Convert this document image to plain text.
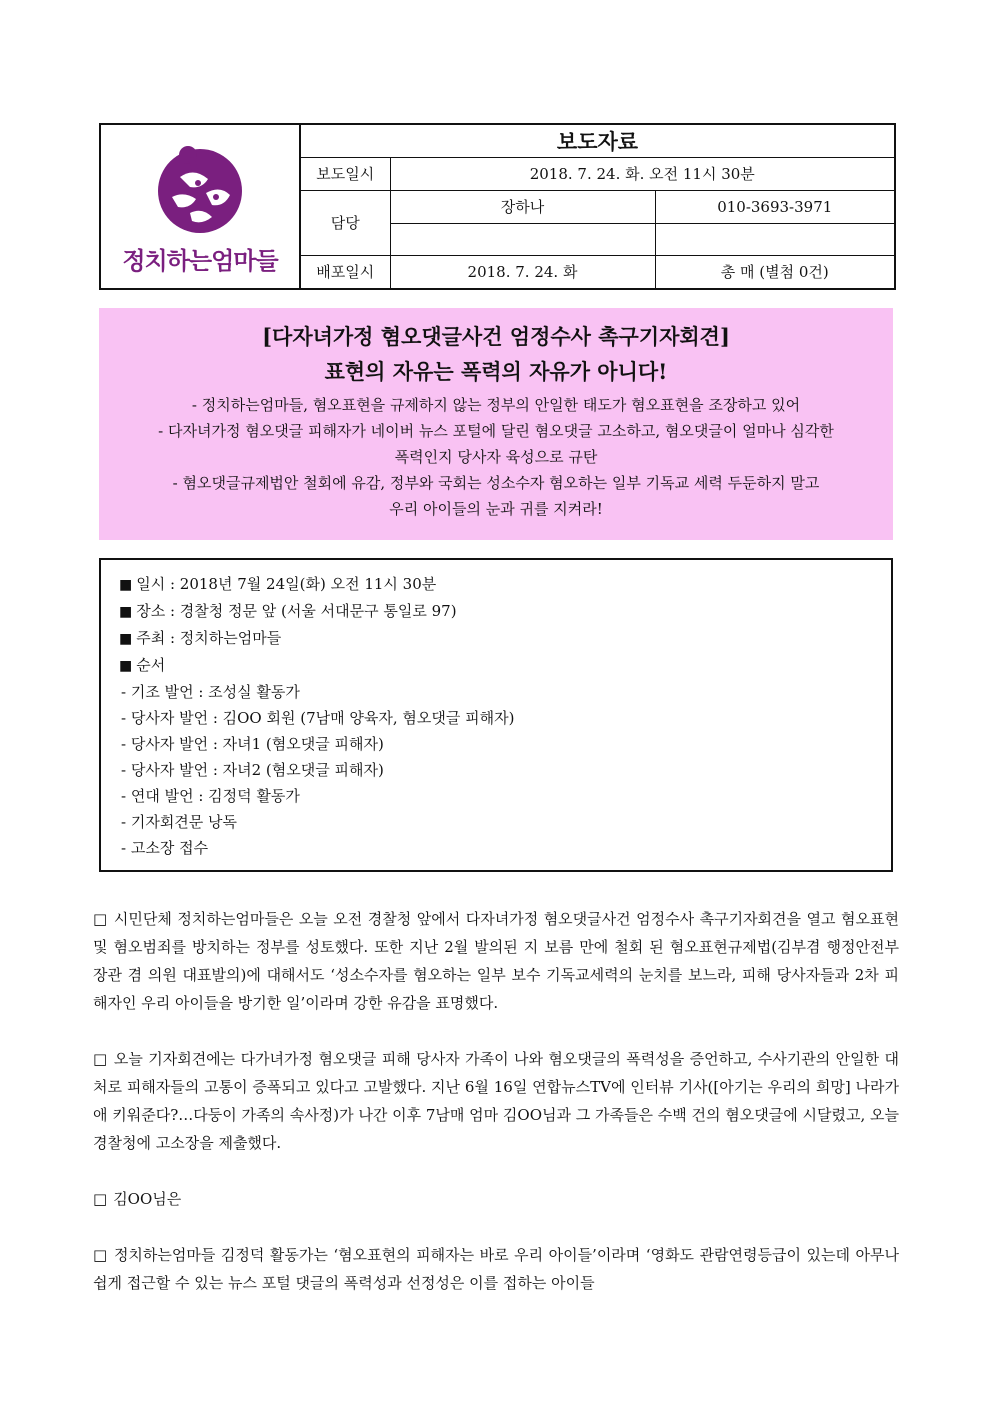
정치하는엄마들	보도자료		
	보도일시	2018. 7. 24. 화. 오전 11시 30분	
	담당	장하나	010-3693-3971

	배포일시	2018. 7. 24. 화	총 매 (별첨 0건)
[다자녀가정 혐오댓글사건 엄정수사 촉구기자회견]
표현의 자유는 폭력의 자유가 아니다!
- 정치하는엄마들, 혐오표현을 규제하지 않는 정부의 안일한 태도가 혐오표현을 조장하고 있어
- 다자녀가정 혐오댓글 피해자가 네이버 뉴스 포털에 달린 혐오댓글 고소하고, 혐오댓글이 얼마나 심각한
폭력인지 당사자 육성으로 규탄
- 혐오댓글규제법안 철회에 유감, 정부와 국회는 성소수자 혐오하는 일부 기독교 세력 두둔하지 말고
우리 아이들의 눈과 귀를 지켜라!
■ 일시 : 2018년 7월 24일(화) 오전 11시 30분
■ 장소 : 경찰청 정문 앞 (서울 서대문구 통일로 97)
■ 주최 : 정치하는엄마들
■ 순서
- 기조 발언 : 조성실 활동가
- 당사자 발언 : 김OO 회원 (7남매 양육자, 혐오댓글 피해자)
- 당사자 발언 : 자녀1 (혐오댓글 피해자)
- 당사자 발언 : 자녀2 (혐오댓글 피해자)
- 연대 발언 : 김정덕 활동가
- 기자회견문 낭독
- 고소장 접수

□ 시민단체 정치하는엄마들은 오늘 오전 경찰청 앞에서 다자녀가정 혐오댓글사건 엄정수사 촉구기자회견을 열고 혐오표현 및 혐오범죄를 방치하는 정부를 성토했다. 또한 지난 2월 발의된 지 보름 만에 철회 된 혐오표현규제법(김부겸 행정안전부 장관 겸 의원 대표발의)에 대해서도 ‘성소수자를 혐오하는 일부 보수 기독교세력의 눈치를 보느라, 피해 당사자들과 2차 피해자인 우리 아이들을 방기한 일’이라며 강한 유감을 표명했다.

□ 오늘 기자회견에는 다가녀가정 혐오댓글 피해 당사자 가족이 나와 혐오댓글의 폭력성을 증언하고, 수사기관의 안일한 대처로 피해자들의 고통이 증폭되고 있다고 고발했다. 지난 6월 16일 연합뉴스TV에 인터뷰 기사([아기는 우리의 희망] 나라가 애 키워준다?…다둥이 가족의 속사정)가 나간 이후 7남매 엄마 김OO님과 그 가족들은 수백 건의 혐오댓글에 시달렸고, 오늘 경찰청에 고소장을 제출했다.

□ 김OO님은

□ 정치하는엄마들 김정덕 활동가는 ‘혐오표현의 피해자는 바로 우리 아이들’이라며 ‘영화도 관람연령등급이 있는데 아무나 쉽게 접근할 수 있는 뉴스 포털 댓글의 폭력성과 선정성은 이를 접하는 아이들
